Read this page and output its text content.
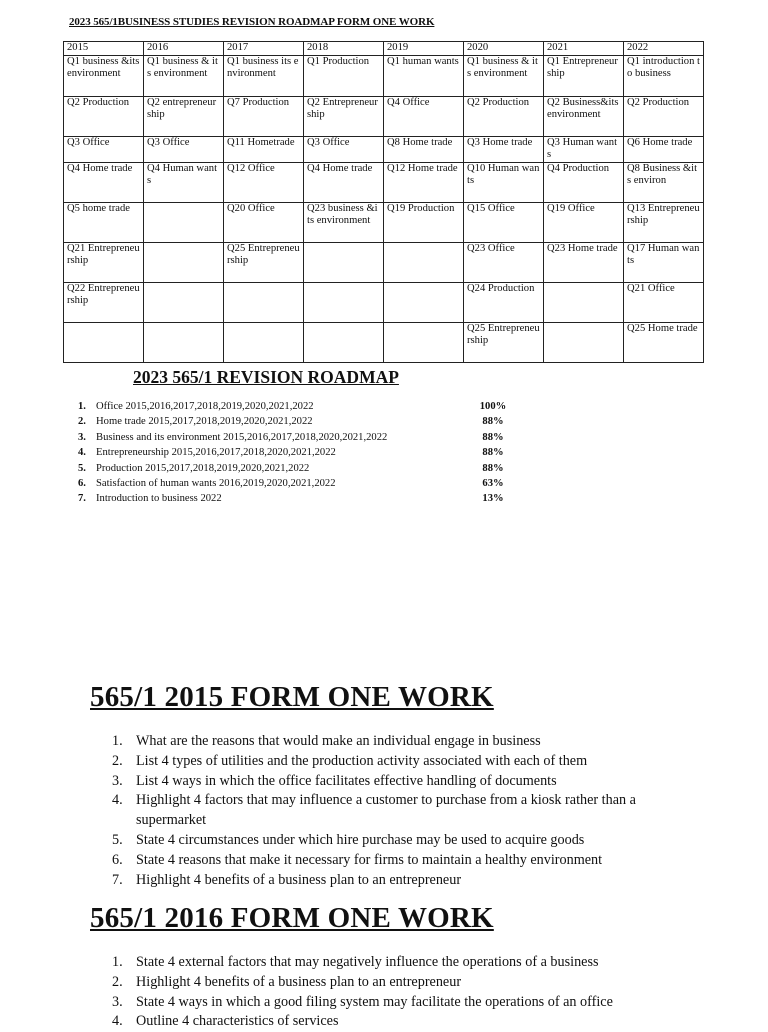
2023 565/1BUSINESS STUDIES REVISION ROADMAP FORM ONE WORK
2015	2016	2017	2018	2019	2020	2021	2022
Q1 business &its environment	Q1 business & its environment	Q1 business its environment	Q1 Production	Q1 human wants	Q1 business & its environment	Q1 Entrepreneurship	Q1 introduction to business
Q2 Production	Q2 entrepreneurship	Q7 Production	Q2 Entrepreneurship	Q4 Office	Q2 Production	Q2 Business&its environment	Q2 Production
Q3 Office	Q3 Office	Q11 Hometrade	Q3 Office	Q8 Home trade	Q3 Home trade	Q3 Human wants	Q6 Home trade
Q4 Home trade	Q4 Human wants	Q12 Office	Q4 Home trade	Q12 Home trade	Q10 Human wants	Q4 Production	Q8 Business &its environ
Q5 home trade		Q20 Office	Q23 business &its environment	Q19 Production	Q15 Office	Q19 Office	Q13 Entrepreneurship
Q21 Entrepreneurship		Q25 Entrepreneurship			Q23 Office	Q23 Home trade	Q17 Human wants
Q22 Entrepreneurship					Q24 Production		Q21 Office
					Q25 Entrepreneurship		Q25 Home trade
2023 565/1 REVISION ROADMAP
1. Office 2015,2016,2017,2018,2019,2020,2021,2022	100%
2. Home trade 2015,2017,2018,2019,2020,2021,2022	88%
3. Business and its environment 2015,2016,2017,2018,2020,2021,2022	88%
4. Entrepreneurship 2015,2016,2017,2018,2020,2021,2022	88%
5. Production 2015,2017,2018,2019,2020,2021,2022	88%
6. Satisfaction of human wants 2016,2019,2020,2021,2022	63%
7. Introduction to business 2022	13%
565/1 2015 FORM ONE WORK
1. What are the reasons that would make an individual engage in business
2. List 4 types of utilities and the production activity associated with each of them
3. List 4 ways in which the office facilitates effective handling of documents
4. Highlight 4 factors that may influence a customer to purchase from a kiosk rather than a supermarket
5. State 4 circumstances under which hire purchase may be used to acquire goods
6. State 4 reasons that make it necessary for firms to maintain a healthy environment
7. Highlight 4 benefits of a business plan to an entrepreneur
565/1 2016 FORM ONE WORK
1. State 4 external factors that may negatively influence the operations of a business
2. Highlight 4 benefits of a business plan to an entrepreneur
3. State 4 ways in which a good filing system may facilitate the operations of an office
4. Outline 4 characteristics of services
